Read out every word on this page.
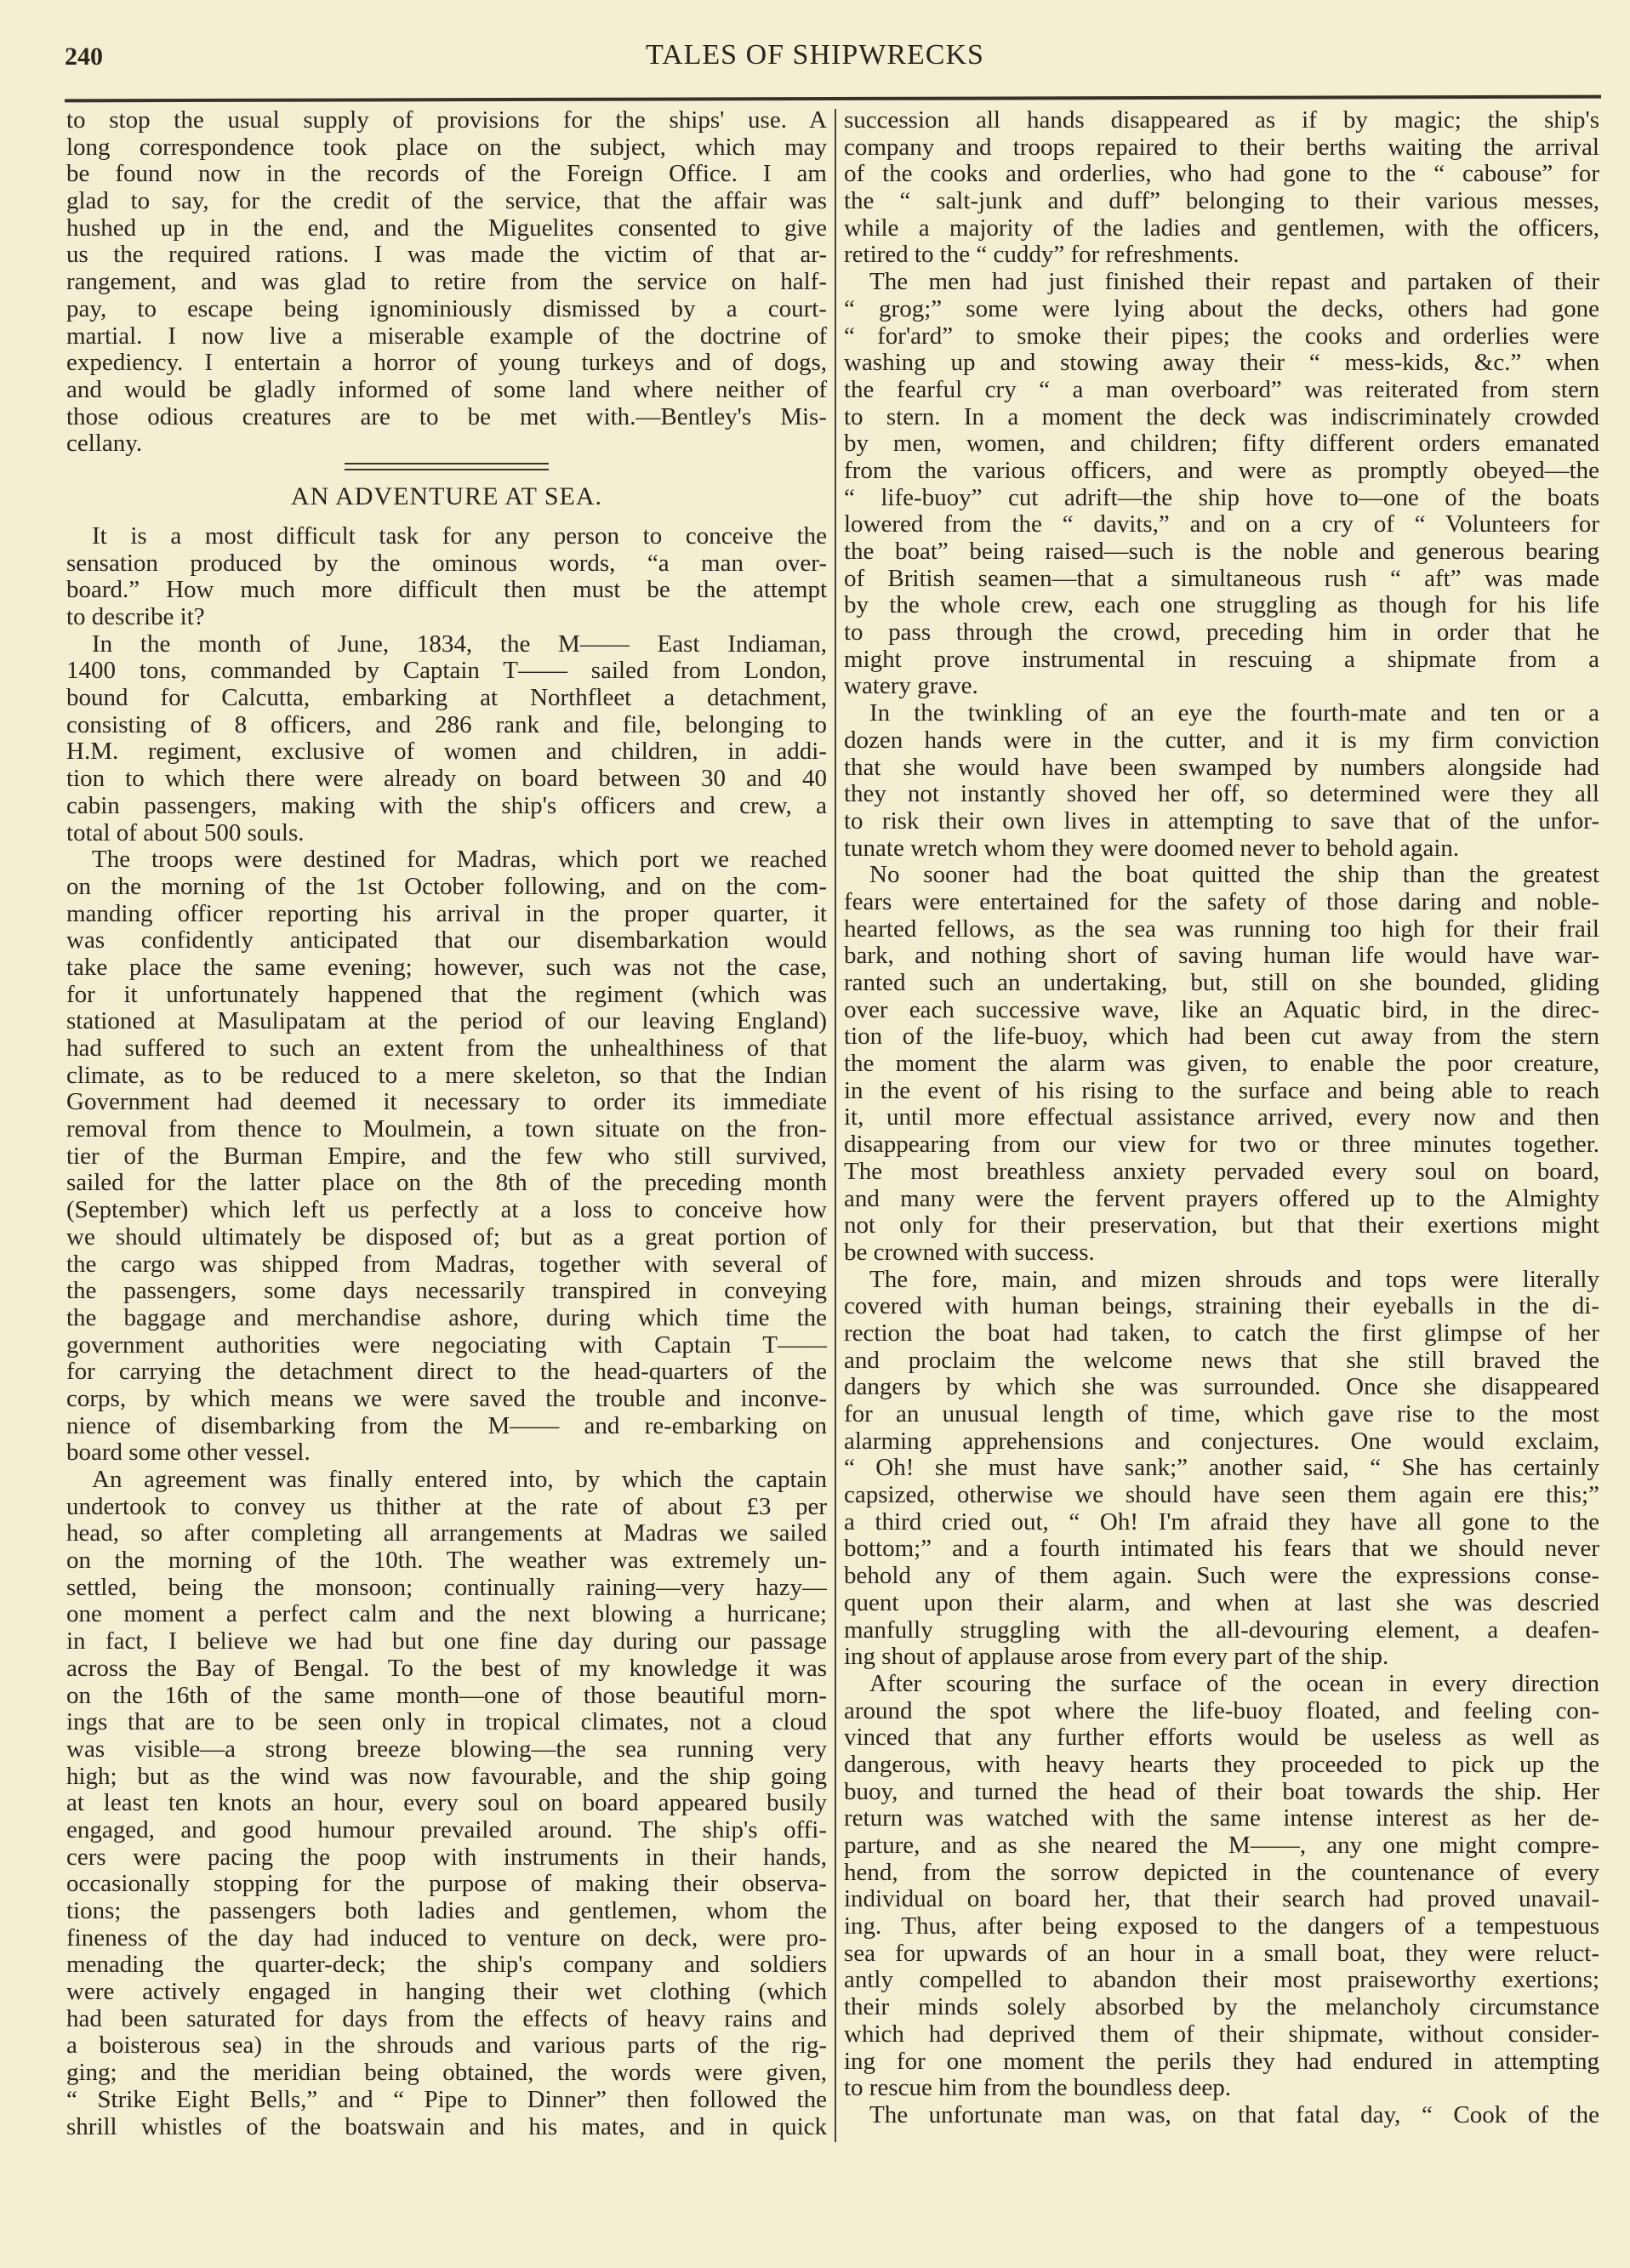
240	TALES OF SHIPWRECKS
to stop the usual supply of provisions for the ships' use. A
long correspondence took place on the subject, which may
be found now in the records of the Foreign Office. I am
glad to say, for the credit of the service, that the affair was
hushed up in the end, and the Miguelites consented to give
us the required rations. I was made the victim of that ar-
rangement, and was glad to retire from the service on half-
pay, to escape being ignominiously dismissed by a court-
martial. I now live a miserable example of the doctrine of
expediency. I entertain a horror of young turkeys and of dogs,
and would be gladly informed of some land where neither of
those odious creatures are to be met with.—Bentley's Mis-
cellany.
AN ADVENTURE AT SEA.
It is a most difficult task for any person to conceive the
sensation produced by the ominous words, “a man over-
board.” How much more difficult then must be the attempt
to describe it?
In the month of June, 1834, the M—— East Indiaman,
1400 tons, commanded by Captain T—— sailed from London,
bound for Calcutta, embarking at Northfleet a detachment,
consisting of 8 officers, and 286 rank and file, belonging to
H.M. regiment, exclusive of women and children, in addi-
tion to which there were already on board between 30 and 40
cabin passengers, making with the ship's officers and crew, a
total of about 500 souls.
The troops were destined for Madras, which port we reached
on the morning of the 1st October following, and on the com-
manding officer reporting his arrival in the proper quarter, it
was confidently anticipated that our disembarkation would
take place the same evening; however, such was not the case,
for it unfortunately happened that the regiment (which was
stationed at Masulipatam at the period of our leaving England)
had suffered to such an extent from the unhealthiness of that
climate, as to be reduced to a mere skeleton, so that the Indian
Government had deemed it necessary to order its immediate
removal from thence to Moulmein, a town situate on the fron-
tier of the Burman Empire, and the few who still survived,
sailed for the latter place on the 8th of the preceding month
(September) which left us perfectly at a loss to conceive how
we should ultimately be disposed of; but as a great portion of
the cargo was shipped from Madras, together with several of
the passengers, some days necessarily transpired in conveying
the baggage and merchandise ashore, during which time the
government authorities were negociating with Captain T——
for carrying the detachment direct to the head-quarters of the
corps, by which means we were saved the trouble and inconve-
nience of disembarking from the M—— and re-embarking on
board some other vessel.
An agreement was finally entered into, by which the captain
undertook to convey us thither at the rate of about £3 per
head, so after completing all arrangements at Madras we sailed
on the morning of the 10th. The weather was extremely un-
settled, being the monsoon; continually raining—very hazy—
one moment a perfect calm and the next blowing a hurricane;
in fact, I believe we had but one fine day during our passage
across the Bay of Bengal. To the best of my knowledge it was
on the 16th of the same month—one of those beautiful morn-
ings that are to be seen only in tropical climates, not a cloud
was visible—a strong breeze blowing—the sea running very
high; but as the wind was now favourable, and the ship going
at least ten knots an hour, every soul on board appeared busily
engaged, and good humour prevailed around. The ship's offi-
cers were pacing the poop with instruments in their hands,
occasionally stopping for the purpose of making their observa-
tions; the passengers both ladies and gentlemen, whom the
fineness of the day had induced to venture on deck, were pro-
menading the quarter-deck; the ship's company and soldiers
were actively engaged in hanging their wet clothing (which
had been saturated for days from the effects of heavy rains and
a boisterous sea) in the shrouds and various parts of the rig-
ging; and the meridian being obtained, the words were given,
“ Strike Eight Bells,” and “ Pipe to Dinner” then followed the
shrill whistles of the boatswain and his mates, and in quick
succession all hands disappeared as if by magic; the ship's
company and troops repaired to their berths waiting the arrival
of the cooks and orderlies, who had gone to the “ cabouse” for
the “ salt-junk and duff” belonging to their various messes,
while a majority of the ladies and gentlemen, with the officers,
retired to the “ cuddy” for refreshments.
The men had just finished their repast and partaken of their
“ grog;” some were lying about the decks, others had gone
“ for'ard” to smoke their pipes; the cooks and orderlies were
washing up and stowing away their “ mess-kids, &c.” when
the fearful cry “ a man overboard” was reiterated from stern
to stern. In a moment the deck was indiscriminately crowded
by men, women, and children; fifty different orders emanated
from the various officers, and were as promptly obeyed—the
“ life-buoy” cut adrift—the ship hove to—one of the boats
lowered from the “ davits,” and on a cry of “ Volunteers for
the boat” being raised—such is the noble and generous bearing
of British seamen—that a simultaneous rush “ aft” was made
by the whole crew, each one struggling as though for his life
to pass through the crowd, preceding him in order that he
might prove instrumental in rescuing a shipmate from a
watery grave.
In the twinkling of an eye the fourth-mate and ten or a
dozen hands were in the cutter, and it is my firm conviction
that she would have been swamped by numbers alongside had
they not instantly shoved her off, so determined were they all
to risk their own lives in attempting to save that of the unfor-
tunate wretch whom they were doomed never to behold again.
No sooner had the boat quitted the ship than the greatest
fears were entertained for the safety of those daring and noble-
hearted fellows, as the sea was running too high for their frail
bark, and nothing short of saving human life would have war-
ranted such an undertaking, but, still on she bounded, gliding
over each successive wave, like an Aquatic bird, in the direc-
tion of the life-buoy, which had been cut away from the stern
the moment the alarm was given, to enable the poor creature,
in the event of his rising to the surface and being able to reach
it, until more effectual assistance arrived, every now and then
disappearing from our view for two or three minutes together.
The most breathless anxiety pervaded every soul on board,
and many were the fervent prayers offered up to the Almighty
not only for their preservation, but that their exertions might
be crowned with success.
The fore, main, and mizen shrouds and tops were literally
covered with human beings, straining their eyeballs in the di-
rection the boat had taken, to catch the first glimpse of her
and proclaim the welcome news that she still braved the
dangers by which she was surrounded. Once she disappeared
for an unusual length of time, which gave rise to the most
alarming apprehensions and conjectures. One would exclaim,
“ Oh! she must have sank;” another said, “ She has certainly
capsized, otherwise we should have seen them again ere this;”
a third cried out, “ Oh! I'm afraid they have all gone to the
bottom;” and a fourth intimated his fears that we should never
behold any of them again. Such were the expressions conse-
quent upon their alarm, and when at last she was descried
manfully struggling with the all-devouring element, a deafen-
ing shout of applause arose from every part of the ship.
After scouring the surface of the ocean in every direction
around the spot where the life-buoy floated, and feeling con-
vinced that any further efforts would be useless as well as
dangerous, with heavy hearts they proceeded to pick up the
buoy, and turned the head of their boat towards the ship. Her
return was watched with the same intense interest as her de-
parture, and as she neared the M——, any one might compre-
hend, from the sorrow depicted in the countenance of every
individual on board her, that their search had proved unavail-
ing. Thus, after being exposed to the dangers of a tempestuous
sea for upwards of an hour in a small boat, they were reluct-
antly compelled to abandon their most praiseworthy exertions;
their minds solely absorbed by the melancholy circumstance
which had deprived them of their shipmate, without consider-
ing for one moment the perils they had endured in attempting
to rescue him from the boundless deep.
The unfortunate man was, on that fatal day, “ Cook of the
